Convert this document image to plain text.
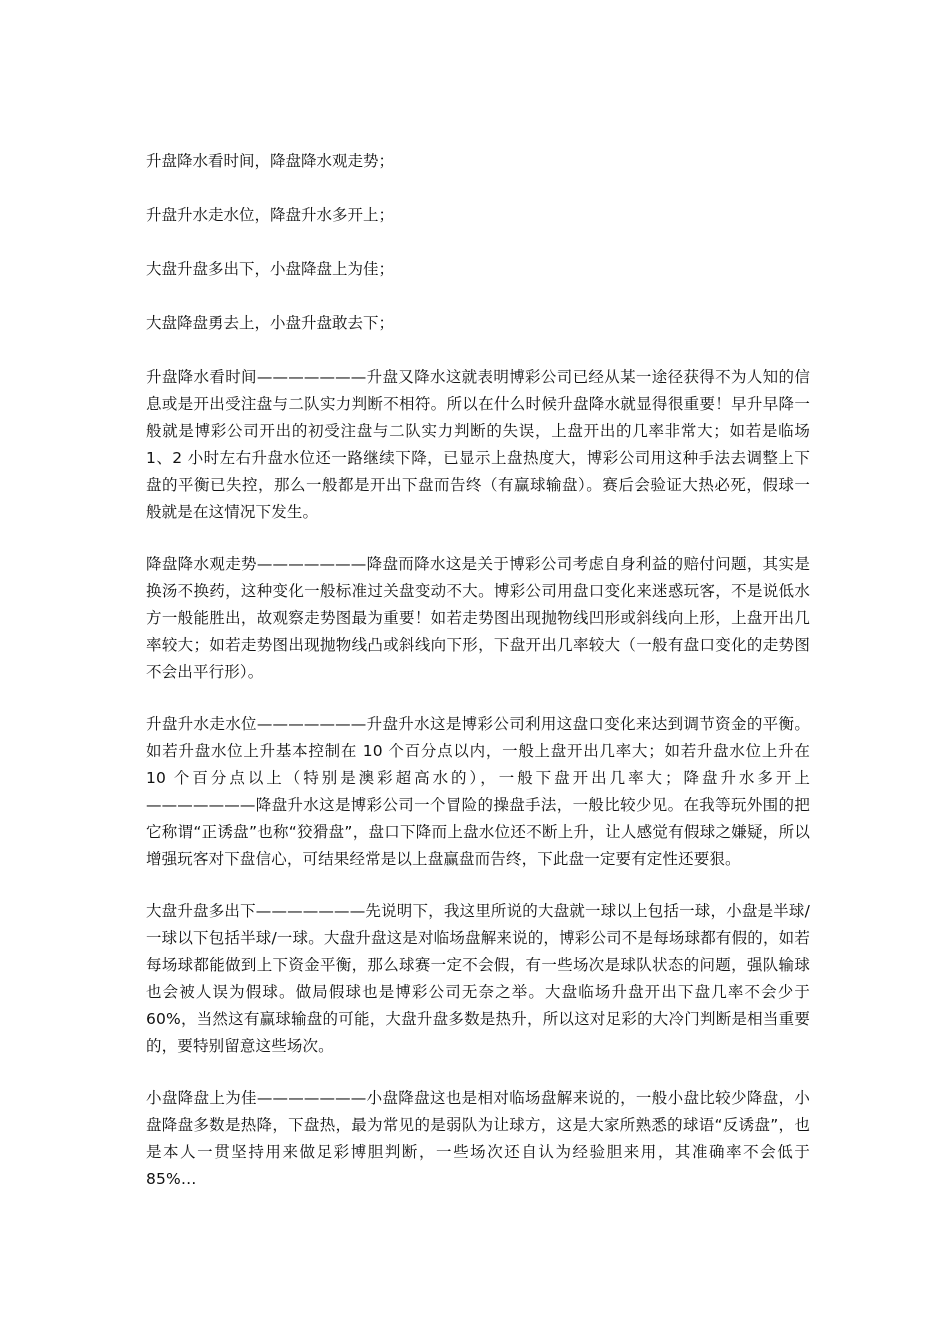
升盘降水看时间，降盘降水观走势；

升盘升水走水位，降盘升水多开上；

大盘升盘多出下，小盘降盘上为佳；

大盘降盘勇去上，小盘升盘敢去下；

升盘降水看时间———————升盘又降水这就表明博彩公司已经从某一途径获得不为人知的信息或是开出受注盘与二队实力判断不相符。所以在什么时候升盘降水就显得很重要！早升早降一般就是博彩公司开出的初受注盘与二队实力判断的失误，上盘开出的几率非常大；如若是临场 1、2 小时左右升盘水位还一路继续下降，已显示上盘热度大，博彩公司用这种手法去调整上下盘的平衡已失控，那么一般都是开出下盘而告终（有赢球输盘）。赛后会验证大热必死，假球一般就是在这情况下发生。

降盘降水观走势———————降盘而降水这是关于博彩公司考虑自身利益的赔付问题，其实是换汤不换药，这种变化一般标准过关盘变动不大。博彩公司用盘口变化来迷惑玩客，不是说低水方一般能胜出，故观察走势图最为重要！如若走势图出现抛物线凹形或斜线向上形，上盘开出几率较大；如若走势图出现抛物线凸或斜线向下形，下盘开出几率较大（一般有盘口变化的走势图不会出平行形）。

升盘升水走水位———————升盘升水这是博彩公司利用这盘口变化来达到调节资金的平衡。如若升盘水位上升基本控制在 10 个百分点以内，一般上盘开出几率大；如若升盘水位上升在 10 个百分点以上（特别是澳彩超高水的），一般下盘开出几率大；降盘升水多开上———————降盘升水这是博彩公司一个冒险的操盘手法，一般比较少见。在我等玩外围的把它称谓“正诱盘”也称“狡猾盘”，盘口下降而上盘水位还不断上升，让人感觉有假球之嫌疑，所以增强玩客对下盘信心，可结果经常是以上盘赢盘而告终，下此盘一定要有定性还要狠。

大盘升盘多出下———————先说明下，我这里所说的大盘就一球以上包括一球，小盘是半球/一球以下包括半球/一球。大盘升盘这是对临场盘解来说的，博彩公司不是每场球都有假的，如若每场球都能做到上下资金平衡，那么球赛一定不会假，有一些场次是球队状态的问题，强队输球也会被人误为假球。做局假球也是博彩公司无奈之举。大盘临场升盘开出下盘几率不会少于 60%，当然这有赢球输盘的可能，大盘升盘多数是热升，所以这对足彩的大冷门判断是相当重要的，要特别留意这些场次。

小盘降盘上为佳———————小盘降盘这也是相对临场盘解来说的，一般小盘比较少降盘，小盘降盘多数是热降，下盘热，最为常见的是弱队为让球方，这是大家所熟悉的球语“反诱盘”，也是本人一贯坚持用来做足彩博胆判断，一些场次还自认为经验胆来用，其准确率不会低于 85%…
